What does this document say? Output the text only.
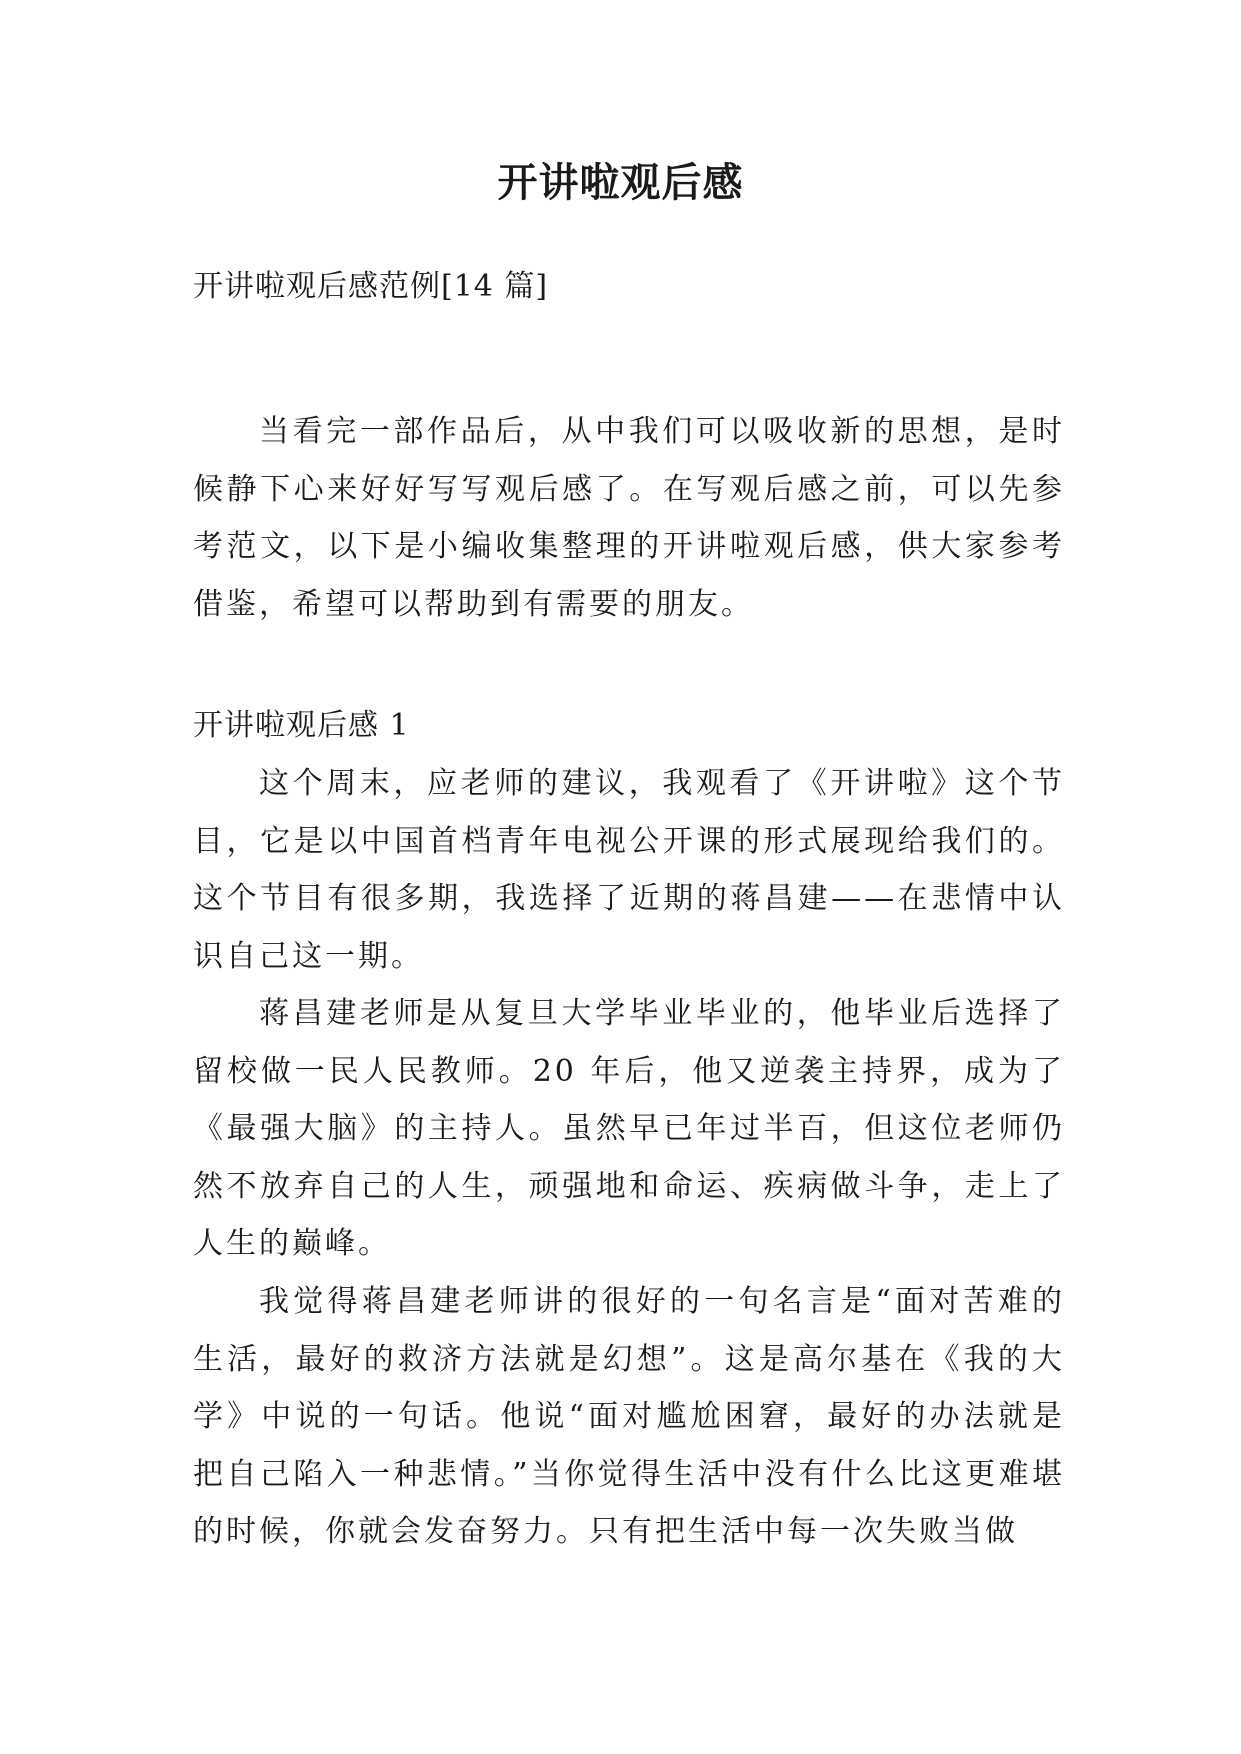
开讲啦观后感

开讲啦观后感范例[14 篇]

当看完一部作品后，从中我们可以吸收新的思想，是时候静下心来好好写写观后感了。在写观后感之前，可以先参考范文，以下是小编收集整理的开讲啦观后感，供大家参考借鉴，希望可以帮助到有需要的朋友。

开讲啦观后感 1

这个周末，应老师的建议，我观看了《开讲啦》这个节目，它是以中国首档青年电视公开课的形式展现给我们的。这个节目有很多期，我选择了近期的蒋昌建——在悲情中认识自己这一期。

蒋昌建老师是从复旦大学毕业毕业的，他毕业后选择了留校做一民人民教师。20 年后，他又逆袭主持界，成为了《最强大脑》的主持人。虽然早已年过半百，但这位老师仍然不放弃自己的人生，顽强地和命运、疾病做斗争，走上了人生的巅峰。

我觉得蒋昌建老师讲的很好的一句名言是“面对苦难的生活，最好的救济方法就是幻想”。这是高尔基在《我的大学》中说的一句话。他说“面对尴尬困窘，最好的办法就是把自己陷入一种悲情。”当你觉得生活中没有什么比这更难堪的时候，你就会发奋努力。只有把生活中每一次失败当做
